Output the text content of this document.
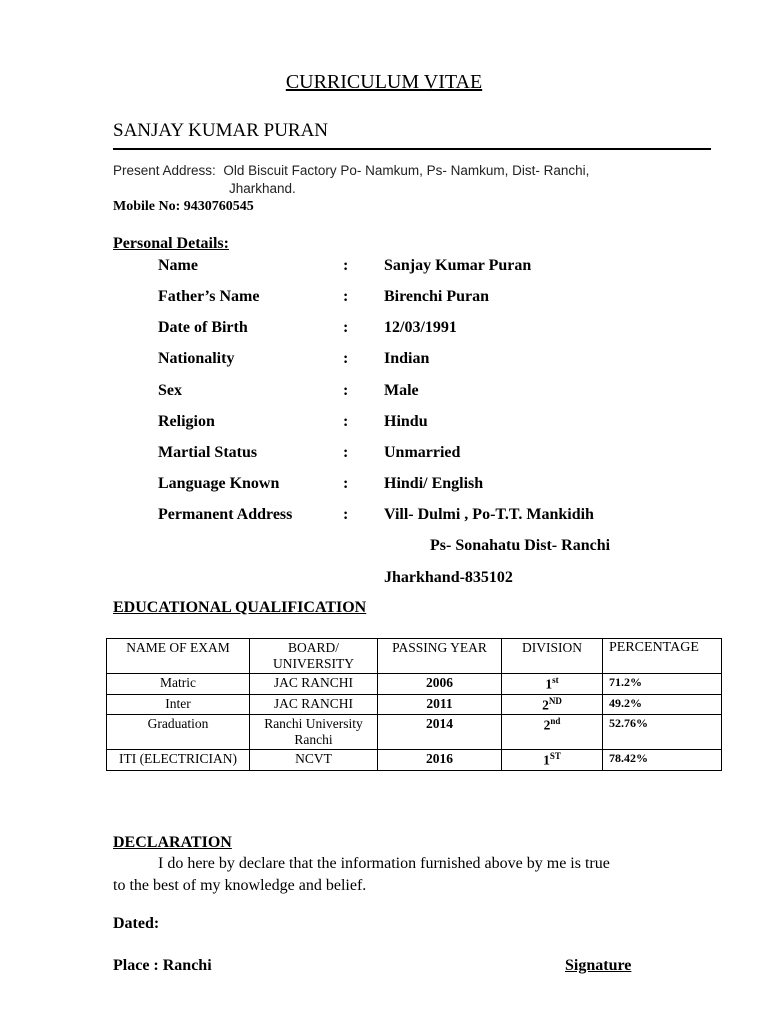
CURRICULUM VITAE
SANJAY KUMAR PURAN
Present Address: Old Biscuit Factory Po- Namkum, Ps- Namkum, Dist- Ranchi,
Jharkhand.
Mobile No: 9430760545
Personal Details:
Name	: Sanjay Kumar Puran
Father’s Name	: Birenchi Puran
Date of Birth	: 12/03/1991
Nationality	: Indian
Sex	: Male
Religion	: Hindu
Martial Status	: Unmarried
Language Known	: Hindi/ English
Permanent Address	: Vill- Dulmi , Po-T.T. Mankidih
Ps- Sonahatu Dist- Ranchi
Jharkhand-835102
EDUCATIONAL QUALIFICATION
NAME OF EXAM	BOARD/ UNIVERSITY	PASSING YEAR	DIVISION	PERCENTAGE
Matric	JAC RANCHI	2006	1st	71.2%
Inter	JAC RANCHI	2011	2ND	49.2%
Graduation	Ranchi University Ranchi	2014	2nd	52.76%
ITI (ELECTRICIAN)	NCVT	2016	1ST	78.42%
DECLARATION
I do here by declare that the information furnished above by me is true
to the best of my knowledge and belief.
Dated:
Place : Ranchi	Signature
